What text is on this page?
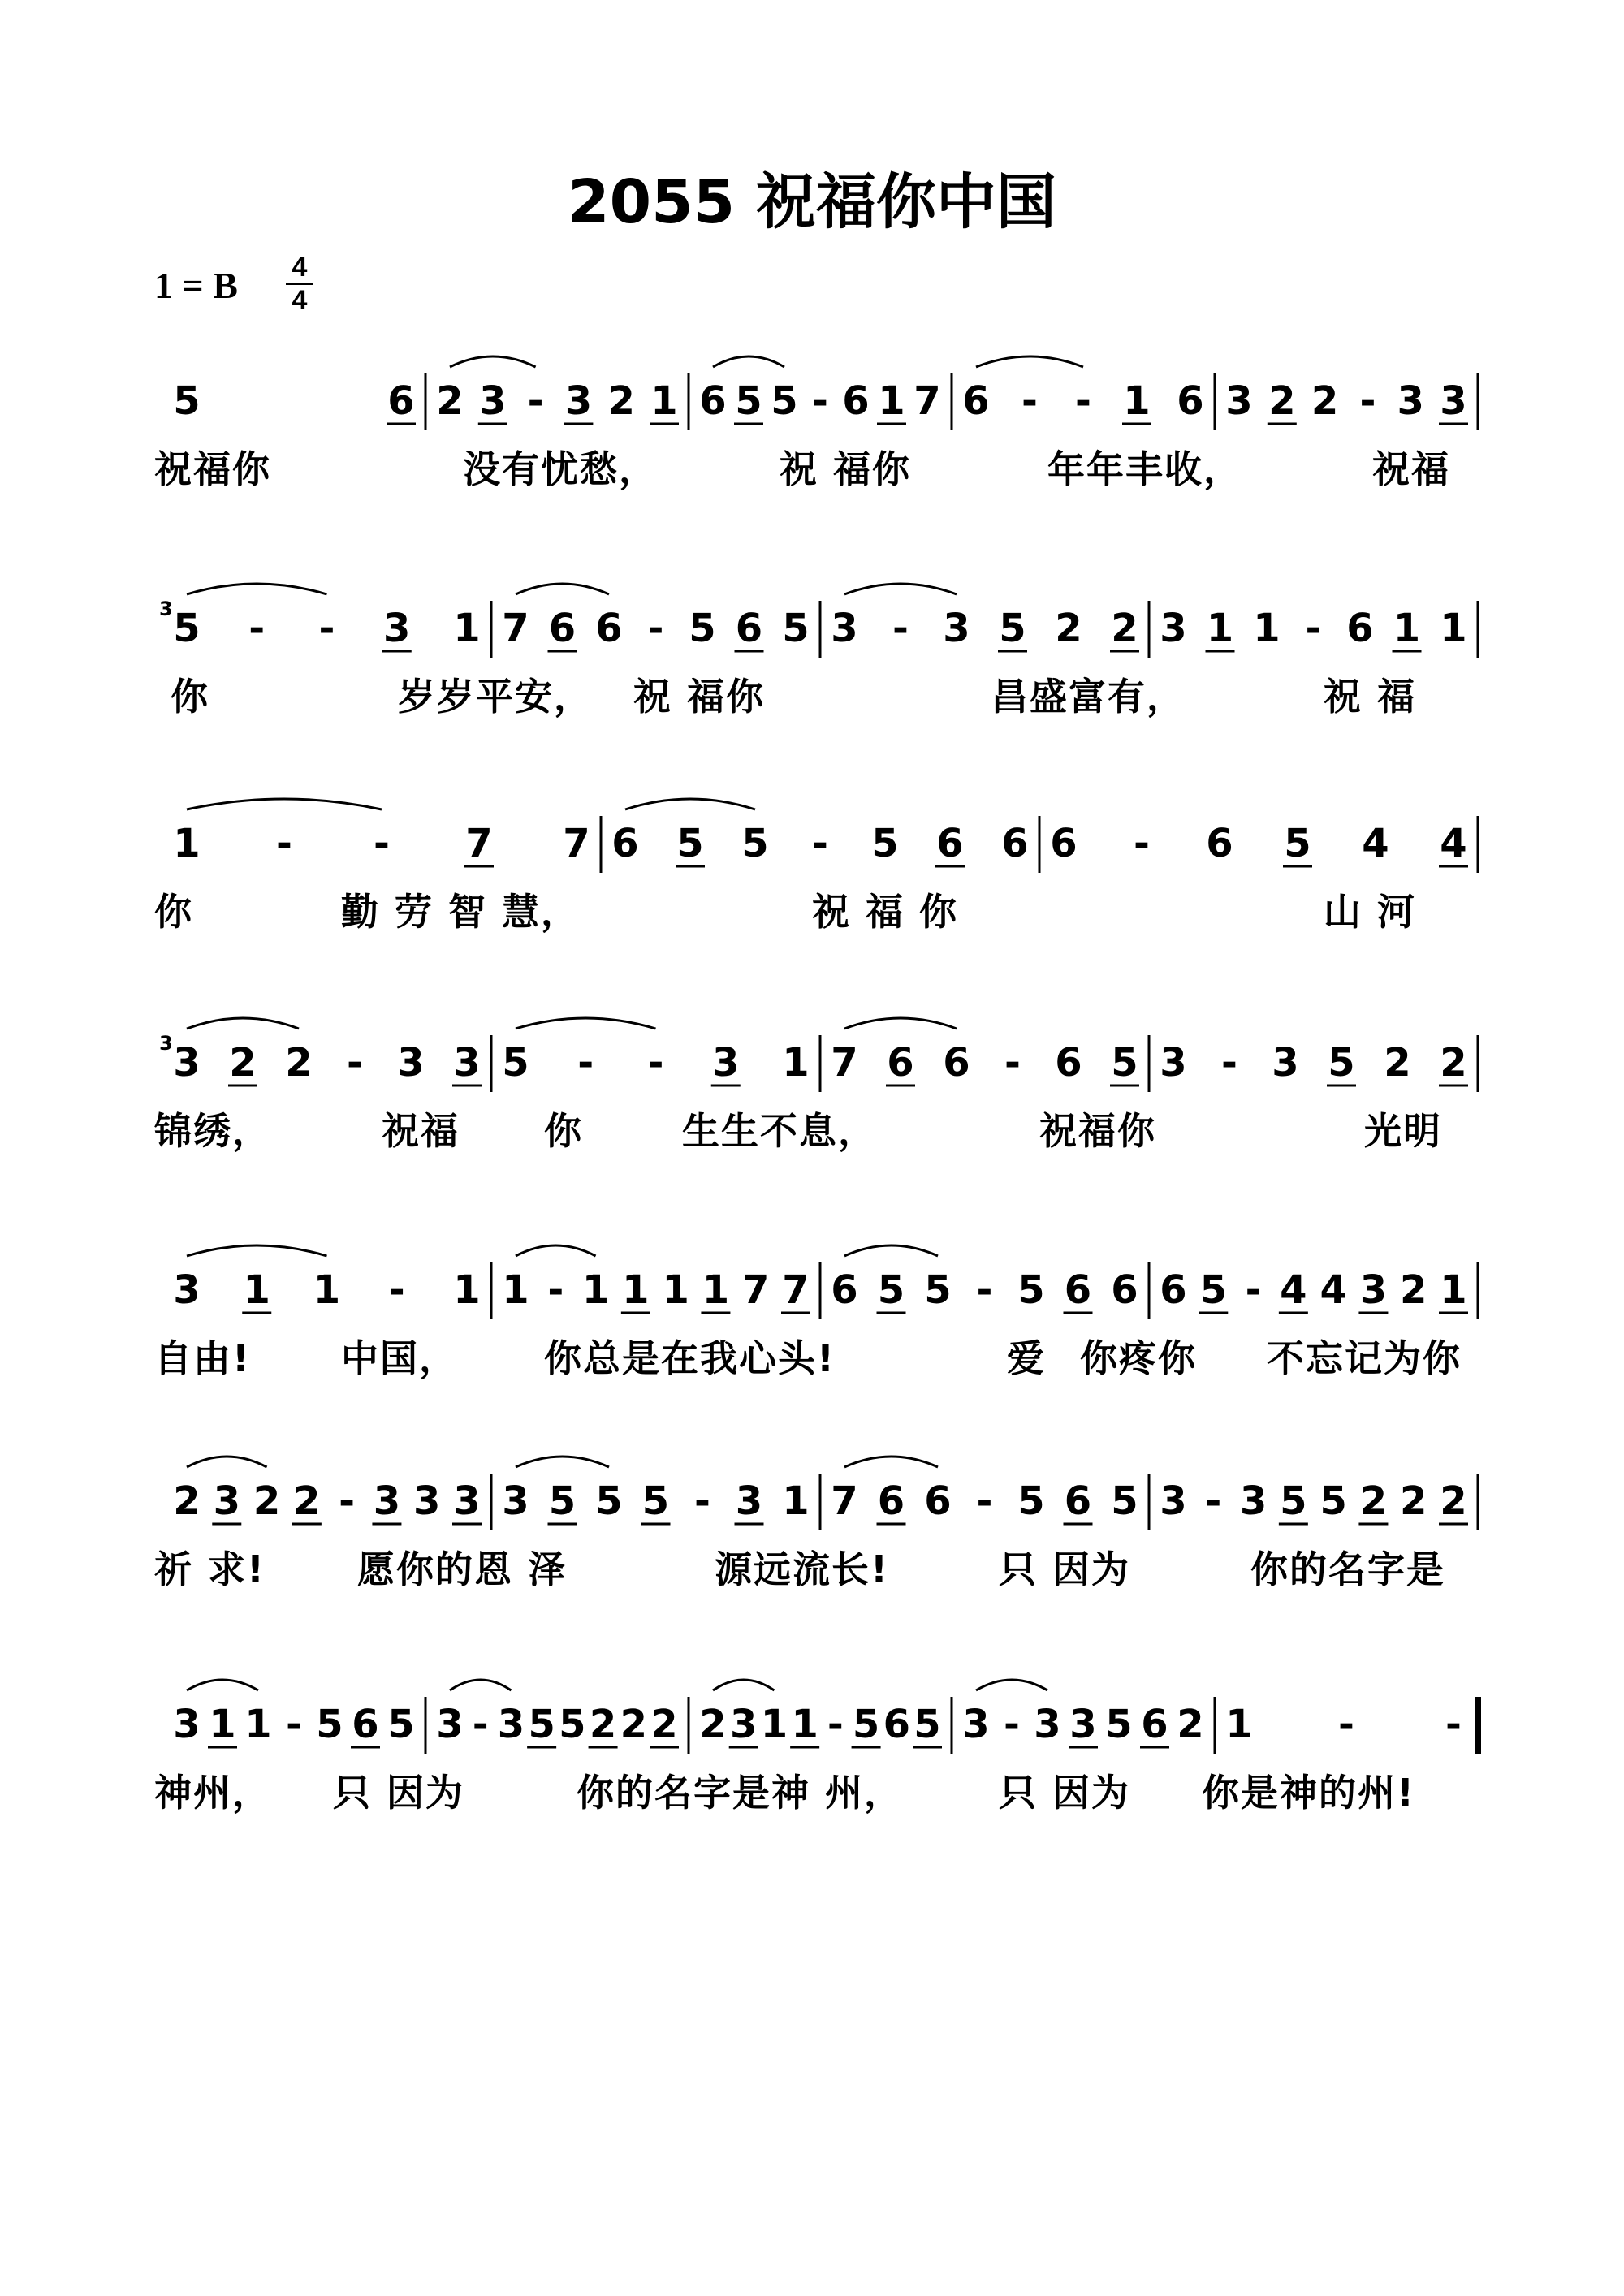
2055 祝福你中国
1 = B 4
4
5	6 2 3 - 3 2 1 6 5 5 - 6 1 7 6 - - 1 6 3 2 2 - 3 3
祝福你	没有忧愁，	祝 福你	年年丰收，	祝福
5 - - 3 1 7 6 6 - 5 6 5 3 - 3 5 2 2 3 1 1 - 6 1 1
3
你	岁岁平安， 祝 福你	昌盛富有，	祝 福
1 - - 7 7 6 5 5 - 5 6 6 6 - 6 5 4 4
你	勤 劳 智 慧，	祝 福 你	山 河
3 2 2 - 3 3 5 - - 3 1 7 6 6 - 6 5 3 - 3 5 2 2
3
锦绣，	祝福 你	生生不息，	祝福你	光明
3 1 1 - 1 1 - 1 1 1 1 7 7 6 5 5 - 5 6 6 6 5 - 4 4 3 2 1
自由! 中国， 你总是在我心头!	爱 你疼你 不忘记为你
2 3 2 2 - 3 3 3 3 5 5 5 - 3 1 7 6 6 - 5 6 5 3 - 3 5 5 2 2 2
祈 求! 愿你的恩 泽	源远流长!	只 因为	你的名字是
3 1 1 - 5 6 5 3 - 3 5 5 2 2 2 2 3 1 1 - 5 6 5 3 - 3 3 5 6 2 1 - -
神州， 只 因为	你的名字是神 州，	只 因为 你是神的州!
